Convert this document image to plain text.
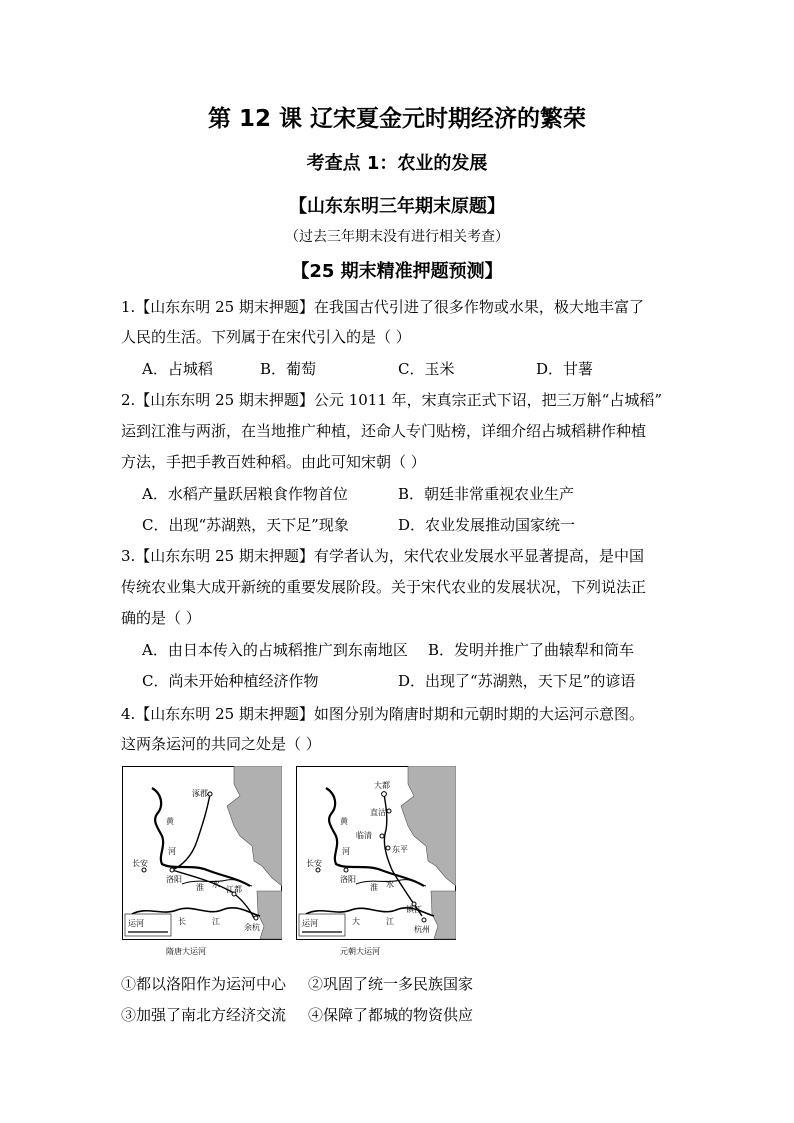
第 12 课 辽宋夏金元时期经济的繁荣
考查点 1：农业的发展
【山东东明三年期末原题】
（过去三年期末没有进行相关考查）
【25 期末精准押题预测】
1.【山东东明 25 期末押题】在我国古代引进了很多作物或水果，极大地丰富了
人民的生活。下列属于在宋代引入的是（ ）
A．占城稻	B．葡萄	C．玉米	D．甘薯
2.【山东东明 25 期末押题】公元 1011 年，宋真宗正式下诏，把三万斛“占城稻”
运到江淮与两浙，在当地推广种植，还命人专门贴榜，详细介绍占城稻耕作种植
方法，手把手教百姓种稻。由此可知宋朝（ ）
A．水稻产量跃居粮食作物首位	B．朝廷非常重视农业生产
C．出现“苏湖熟，天下足”现象	D．农业发展推动国家统一
3.【山东东明 25 期末押题】有学者认为，宋代农业发展水平显著提高，是中国
传统农业集大成开新统的重要发展阶段。关于宋代农业的发展状况，下列说法正
确的是（ ）
A．由日本传入的占城稻推广到东南地区 B．发明并推广了曲辕犁和筒车
C．尚未开始种植经济作物	D．出现了“苏湖熟，天下足”的谚语
4.【山东东明 25 期末押题】如图分别为隋唐时期和元朝时期的大运河示意图。
这两条运河的共同之处是（ ）
涿郡
长安
洛阳
江都
余杭
黄
河
淮 水
长	江
运河
隋唐大运河
大都
直沽
临清
东平
长安
洛阳
镇江
杭州
黄
河
淮 水
大	江
运河
元朝大运河
①都以洛阳作为运河中心 ②巩固了统一多民族国家
③加强了南北方经济交流 ④保障了都城的物资供应
